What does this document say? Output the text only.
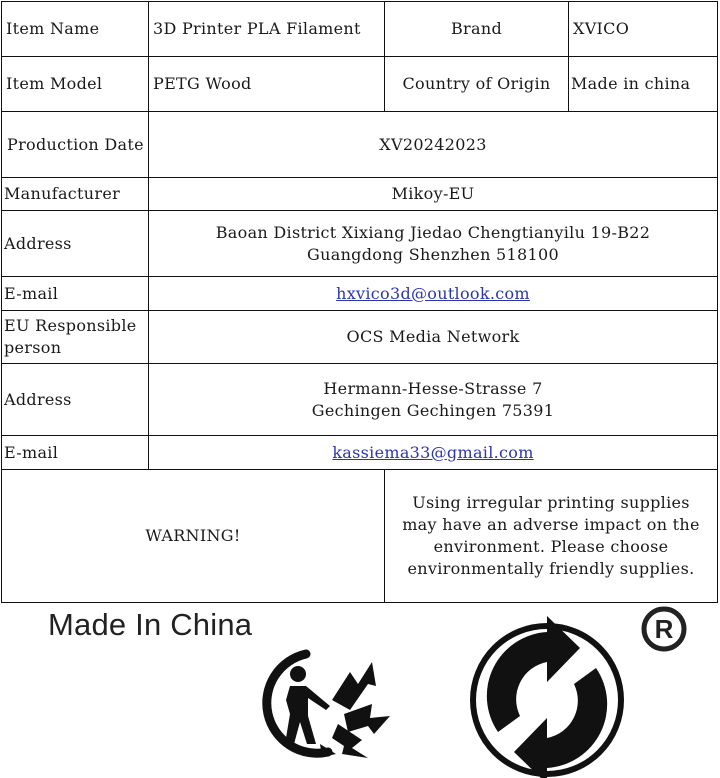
Item Name	3D Printer PLA Filament	Brand	XVICO
Item Model	PETG Wood	Country of Origin	Made in china
Production Date	XV20242023		
Manufacturer	Mikoy-EU		
Address	Baoan District Xixiang Jiedao Chengtianyilu 19-B22
Guangdong Shenzhen 518100		

E-mail	hxvico3d@outlook.com		

EU Responsible
person	OCS Media Network		
Address	Hermann-Hesse-Strasse 7
Gechingen Gechingen 75391		

E-mail	kassiema33@gmail.com		
WARNING!		Using irregular printing supplies
may have an adverse impact on the
environment. Please choose
environmentally friendly supplies.	
Made In China	R
